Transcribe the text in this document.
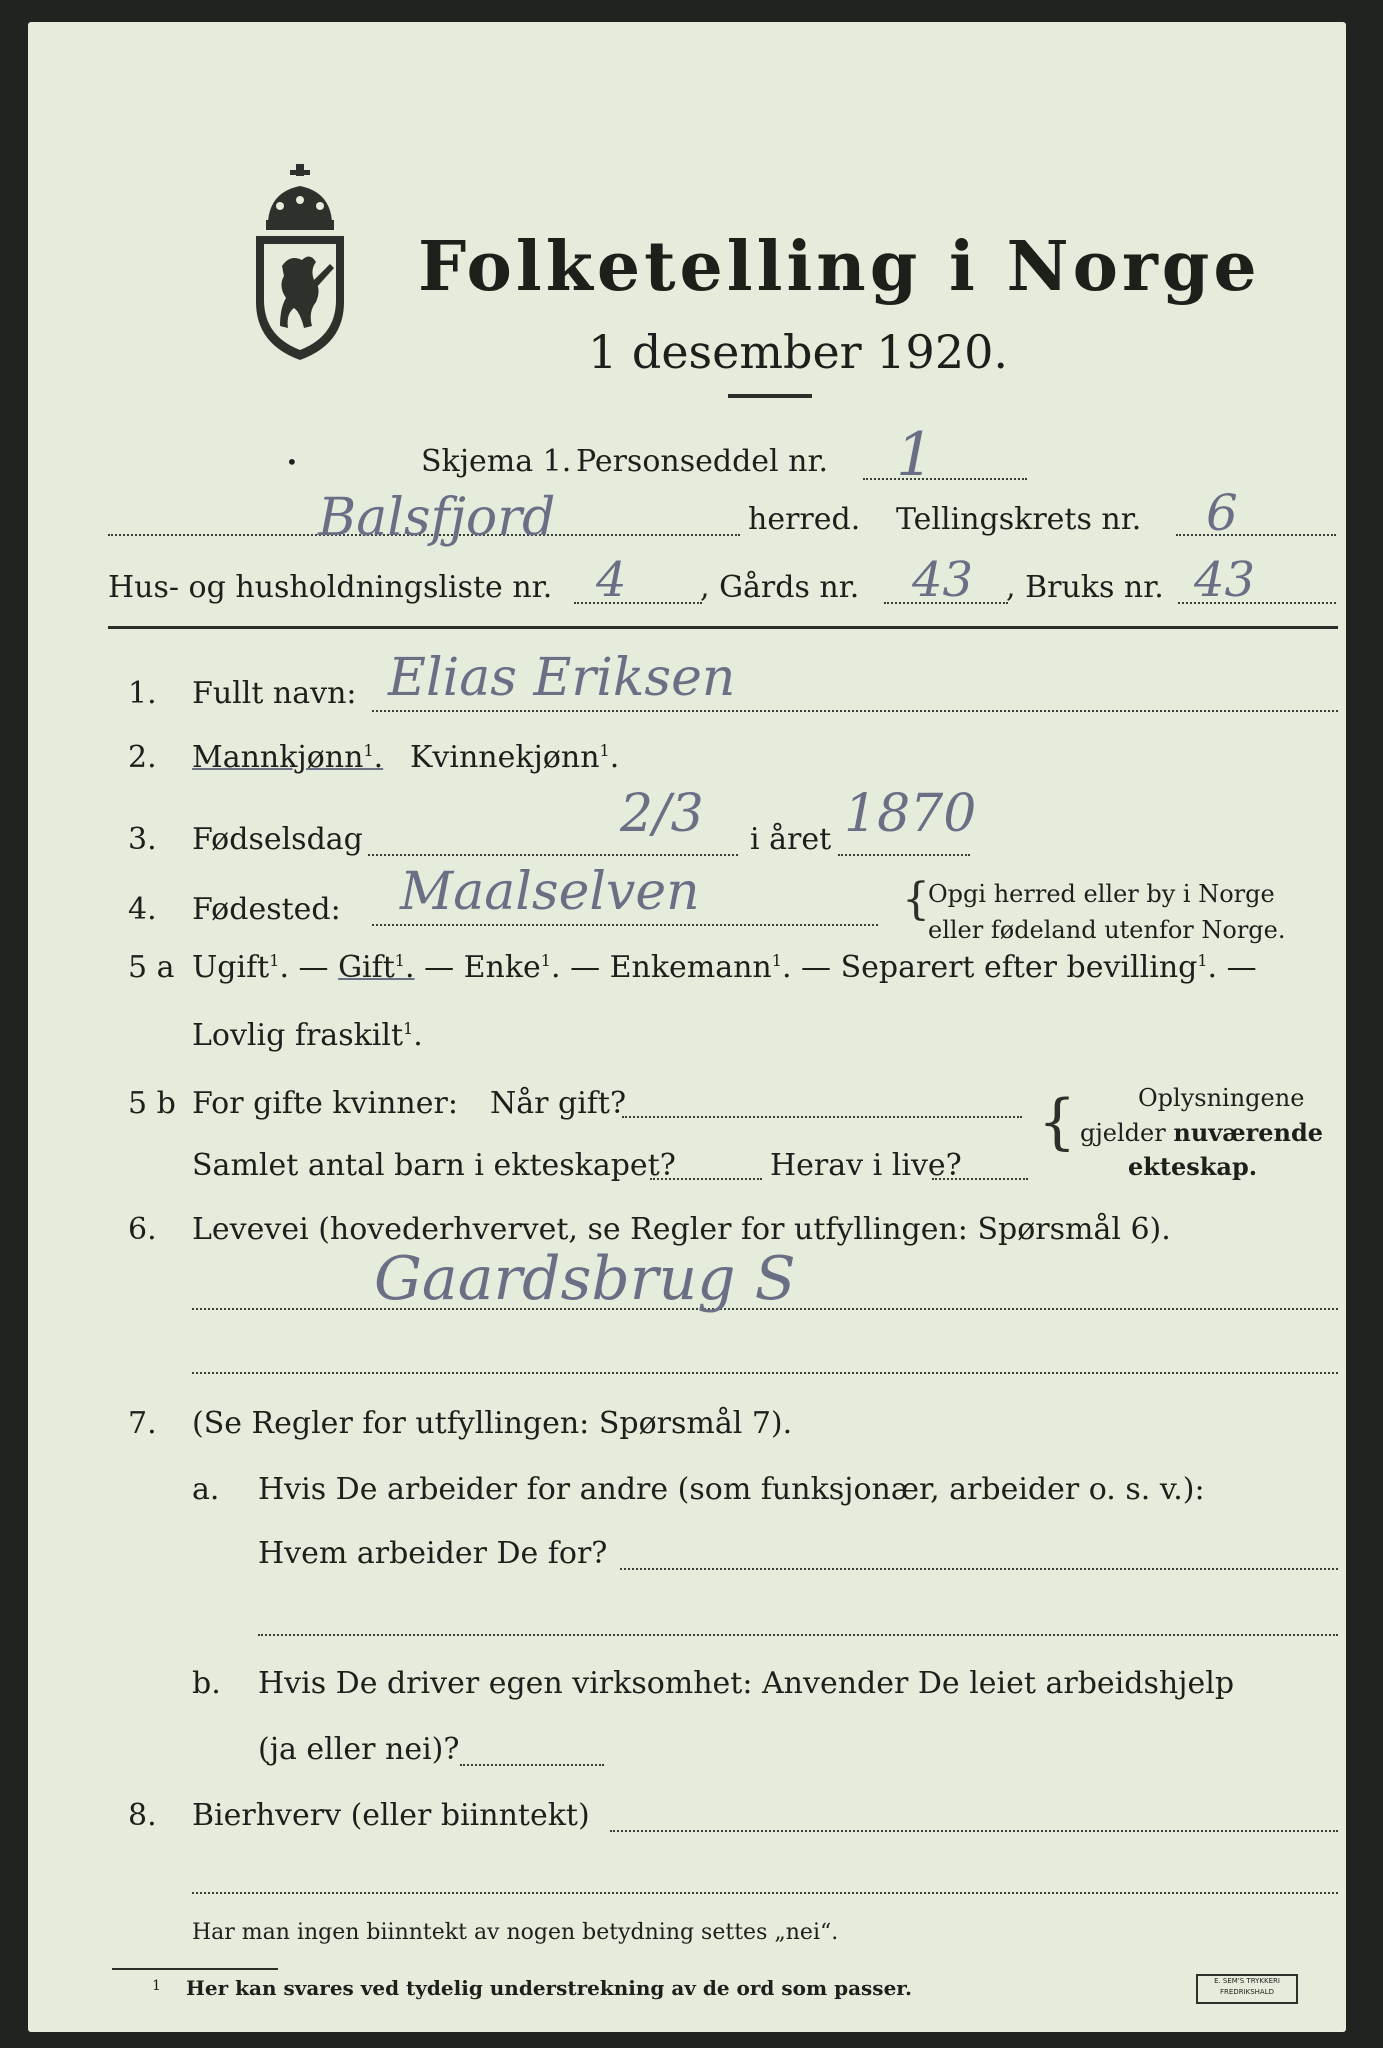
Folketelling i Norge
1 desember 1920.
•	Skjema 1. Personseddel nr. 1
Balsfjord	herred. Tellingskrets nr. 6
Hus- og husholdningsliste nr. 4 , Gårds nr. 43 , Bruks nr. 43
1. Fullt navn: Elias Eriksen
2. Mannkjønn$^1$. Kvinnekjønn$^1$.
3. Fødselsdag	2/3 i året 1870
4. Fødested: Maalselven	{
Opgi herred eller by i Norge
eller fødeland utenfor Norge.
5 a Ugift$^1$. — Gift$^1$. — Enke$^1$. — Enkemann$^1$. — Separert efter bevilling$^1$. —
Lovlig fraskilt$^1$.
5 b For gifte kvinner: Når gift?
Samlet antal barn i ekteskapet?	Herav i live?
{	Oplysningene
gjelder nuværende
ekteskap.
6. Levevei (hovederhvervet, se Regler for utfyllingen: Spørsmål 6).
Gaardsbrug S
7. (Se Regler for utfyllingen: Spørsmål 7).
a. Hvis De arbeider for andre (som funksjonær, arbeider o. s. v.):
Hvem arbeider De for?
b. Hvis De driver egen virksomhet: Anvender De leiet arbeidshjelp
(ja eller nei)?
8. Bierhverv (eller biinntekt)
Har man ingen biinntekt av nogen betydning settes „nei“.
1 Her kan svares ved tydelig understrekning av de ord som passer.	E. SEM'S TRYKKERI
FREDRIKSHALD
